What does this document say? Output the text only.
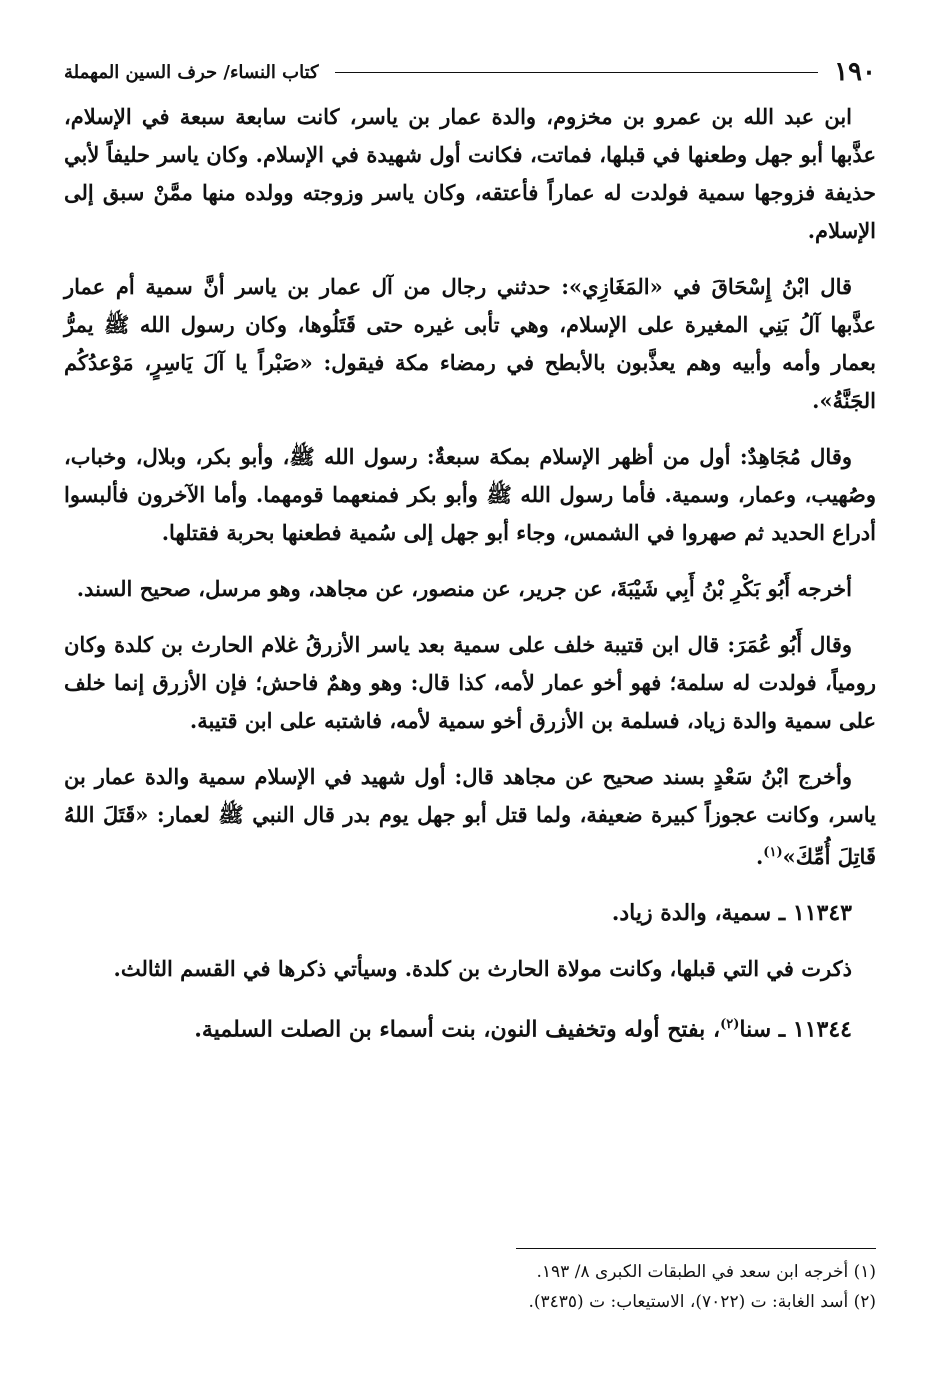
١٩٠
كتاب النساء/ حرف السين المهملة

ابن عبد الله بن عمرو بن مخزوم، والدة عمار بن ياسر، كانت سابعة سبعة في الإسلام، عذَّبها أبو جهل وطعنها في قبلها، فماتت، فكانت أول شهيدة في الإسلام. وكان ياسر حليفاً لأبي حذيفة فزوجها سمية فولدت له عماراً فأعتقه، وكان ياسر وزوجته وولده منها ممَّنْ سبق إلى الإسلام.

قال ابْنُ إِسْحَاقَ في «المَغَازِي»: حدثني رجال من آل عمار بن ياسر أنَّ سمية أم عمار عذَّبها آلُ بَنِي المغيرة على الإسلام، وهي تأبى غيره حتى قَتَلُوها، وكان رسول الله ﷺ يمرُّ بعمار وأمه وأبيه وهم يعذَّبون بالأبطح في رمضاء مكة فيقول: «صَبْراً يا آلَ يَاسِرٍ، مَوْعدُكُم الجَنَّةُ».

وقال مُجَاهِدٌ: أول من أظهر الإسلام بمكة سبعةٌ: رسول الله ﷺ، وأبو بكر، وبلال، وخباب، وصُهيب، وعمار، وسمية. فأما رسول الله ﷺ وأبو بكر فمنعهما قومهما. وأما الآخرون فألبسوا أدراع الحديد ثم صهروا في الشمس، وجاء أبو جهل إلى سُمية فطعنها بحربة فقتلها.

أخرجه أَبُو بَكْرِ بْنُ أَبِي شَيْبَةَ، عن جرير، عن منصور، عن مجاهد، وهو مرسل، صحيح السند.

وقال أَبُو عُمَرَ: قال ابن قتيبة خلف على سمية بعد ياسر الأزرقُ غلام الحارث بن كلدة وكان رومياً، فولدت له سلمة؛ فهو أخو عمار لأمه، كذا قال: وهو وهمٌ فاحش؛ فإن الأزرق إنما خلف على سمية والدة زياد، فسلمة بن الأزرق أخو سمية لأمه، فاشتبه على ابن قتيبة.

وأخرج ابْنُ سَعْدٍ بسند صحيح عن مجاهد قال: أول شهيد في الإسلام سمية والدة عمار بن ياسر، وكانت عجوزاً كبيرة ضعيفة، ولما قتل أبو جهل يوم بدر قال النبي ﷺ لعمار: «قَتَلَ اللهُ قَاتِلَ أُمِّكَ»$^{(١)}$.

١١٣٤٣ ـ سمية، والدة زياد.

ذكرت في التي قبلها، وكانت مولاة الحارث بن كلدة. وسيأتي ذكرها في القسم الثالث.

١١٣٤٤ ـ سنا$^{(٢)}$، بفتح أوله وتخفيف النون، بنت أسماء بن الصلت السلمية.

(١) أخرجه ابن سعد في الطبقات الكبرى ٨/ ١٩٣.

(٢) أسد الغابة: ت (٧٠٢٢)، الاستيعاب: ت (٣٤٣٥).
